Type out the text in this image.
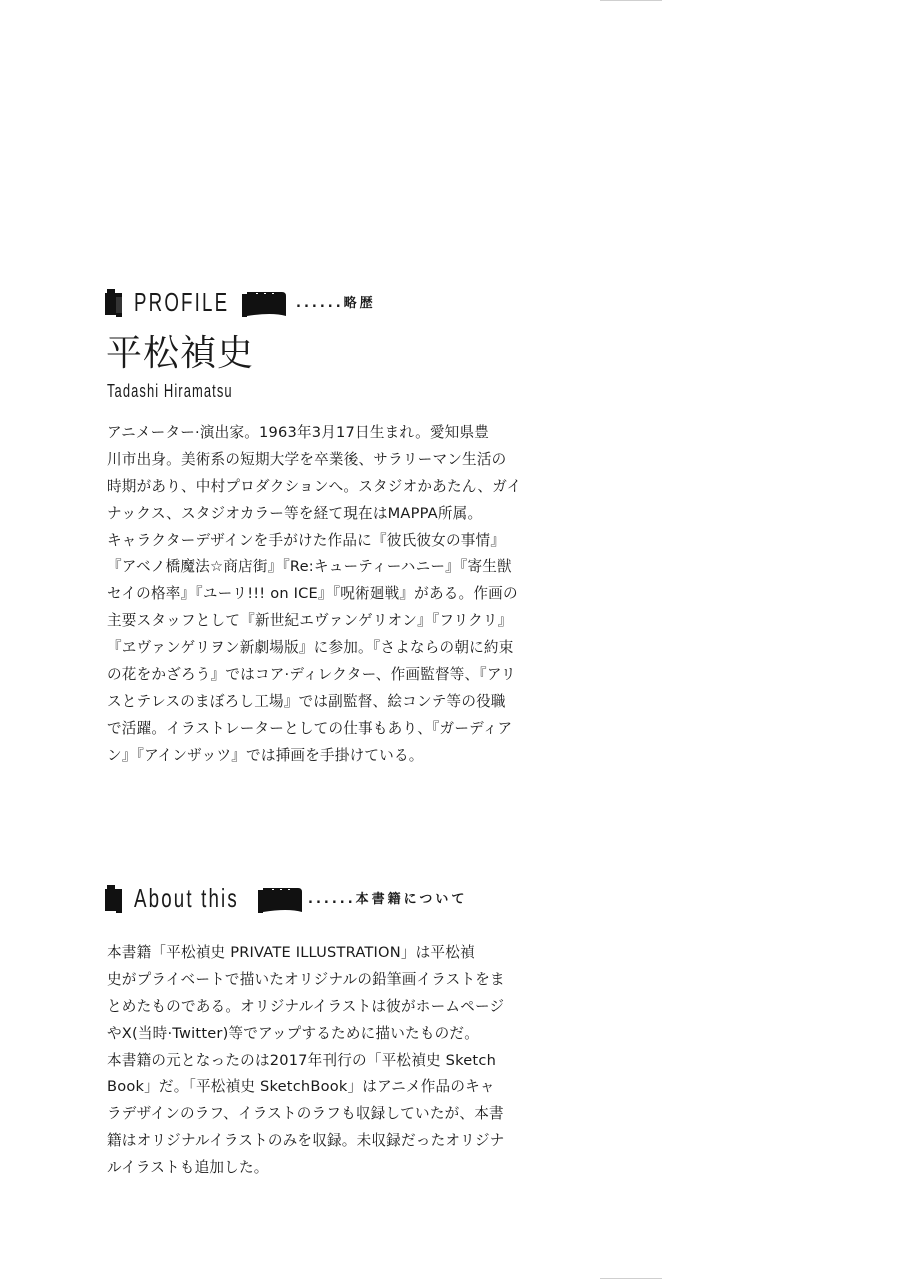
PROFILE	......略歴
平松禎史
Tadashi Hiramatsu
アニメーター·演出家。1963年3月17日生まれ。愛知県豊
川市出身。美術系の短期大学を卒業後、サラリーマン生活の
時期があり、中村プロダクションへ。スタジオかあたん、ガイ
ナックス、スタジオカラー等を経て現在はMAPPA所属。
キャラクターデザインを手がけた作品に『彼氏彼女の事情』
『アベノ橋魔法☆商店街』『Re:キューティーハニー』『寄生獣
セイの格率』『ユーリ!!! on ICE』『呪術廻戦』がある。作画の
主要スタッフとして『新世紀エヴァンゲリオン』『フリクリ』
『ヱヴァンゲリヲン新劇場版』に参加。『さよならの朝に約束
の花をかざろう』ではコア·ディレクター、作画監督等、『アリ
スとテレスのまぼろし工場』では副監督、絵コンテ等の役職
で活躍。イラストレーターとしての仕事もあり、『ガーディア
ン』『アインザッツ』では挿画を手掛けている。
About this	......本書籍について
本書籍「平松禎史 PRIVATE ILLUSTRATION」は平松禎
史がプライベートで描いたオリジナルの鉛筆画イラストをま
とめたものである。オリジナルイラストは彼がホームページ
やX(当時·Twitter)等でアップするために描いたものだ。
本書籍の元となったのは2017年刊行の「平松禎史 Sketch
Book」だ。「平松禎史 SketchBook」はアニメ作品のキャ
ラデザインのラフ、イラストのラフも収録していたが、本書
籍はオリジナルイラストのみを収録。未収録だったオリジナ
ルイラストも追加した。
